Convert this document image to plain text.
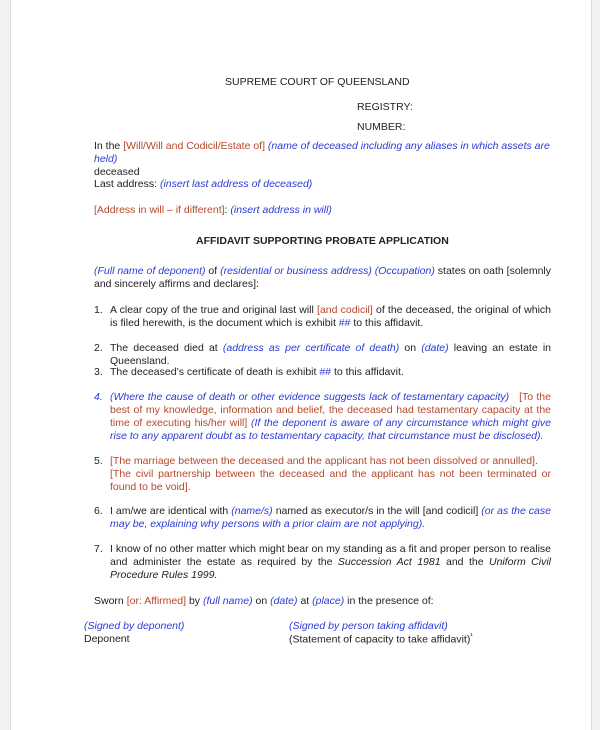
SUPREME COURT OF QUEENSLAND
REGISTRY:
NUMBER:
In the [Will/Will and Codicil/Estate of] (name of deceased including any aliases in which assets are held)
deceased
Last address: (insert last address of deceased)
[Address in will – if different]: (insert address in will)
AFFIDAVIT SUPPORTING PROBATE APPLICATION
(Full name of deponent) of (residential or business address) (Occupation) states on oath [solemnly and sincerely affirms and declares]:
1. A clear copy of the true and original last will [and codicil] of the deceased, the original of which is filed herewith, is the document which is exhibit ## to this affidavit.
2. The deceased died at (address as per certificate of death) on (date) leaving an estate in Queensland.
3. The deceased’s certificate of death is exhibit ## to this affidavit.
4. (Where the cause of death or other evidence suggests lack of testamentary capacity) [To the best of my knowledge, information and belief, the deceased had testamentary capacity at the time of executing his/her will] (If the deponent is aware of any circumstance which might give rise to any apparent doubt as to testamentary capacity, that circumstance must be disclosed).
5. [The marriage between the deceased and the applicant has not been dissolved or annulled].
[The civil partnership between the deceased and the applicant has not been terminated or found to be void].
6. I am/we are identical with (name/s) named as executor/s in the will [and codicil] (or as the case may be, explaining why persons with a prior claim are not applying).
7. I know of no other matter which might bear on my standing as a fit and proper person to realise and administer the estate as required by the Succession Act 1981 and the Uniform Civil Procedure Rules 1999.
Sworn [or: Affirmed] by (full name) on (date) at (place) in the presence of:
(Signed by deponent)
Deponent
(Signed by person taking affidavit)
(Statement of capacity to take affidavit)$^{^1}$
